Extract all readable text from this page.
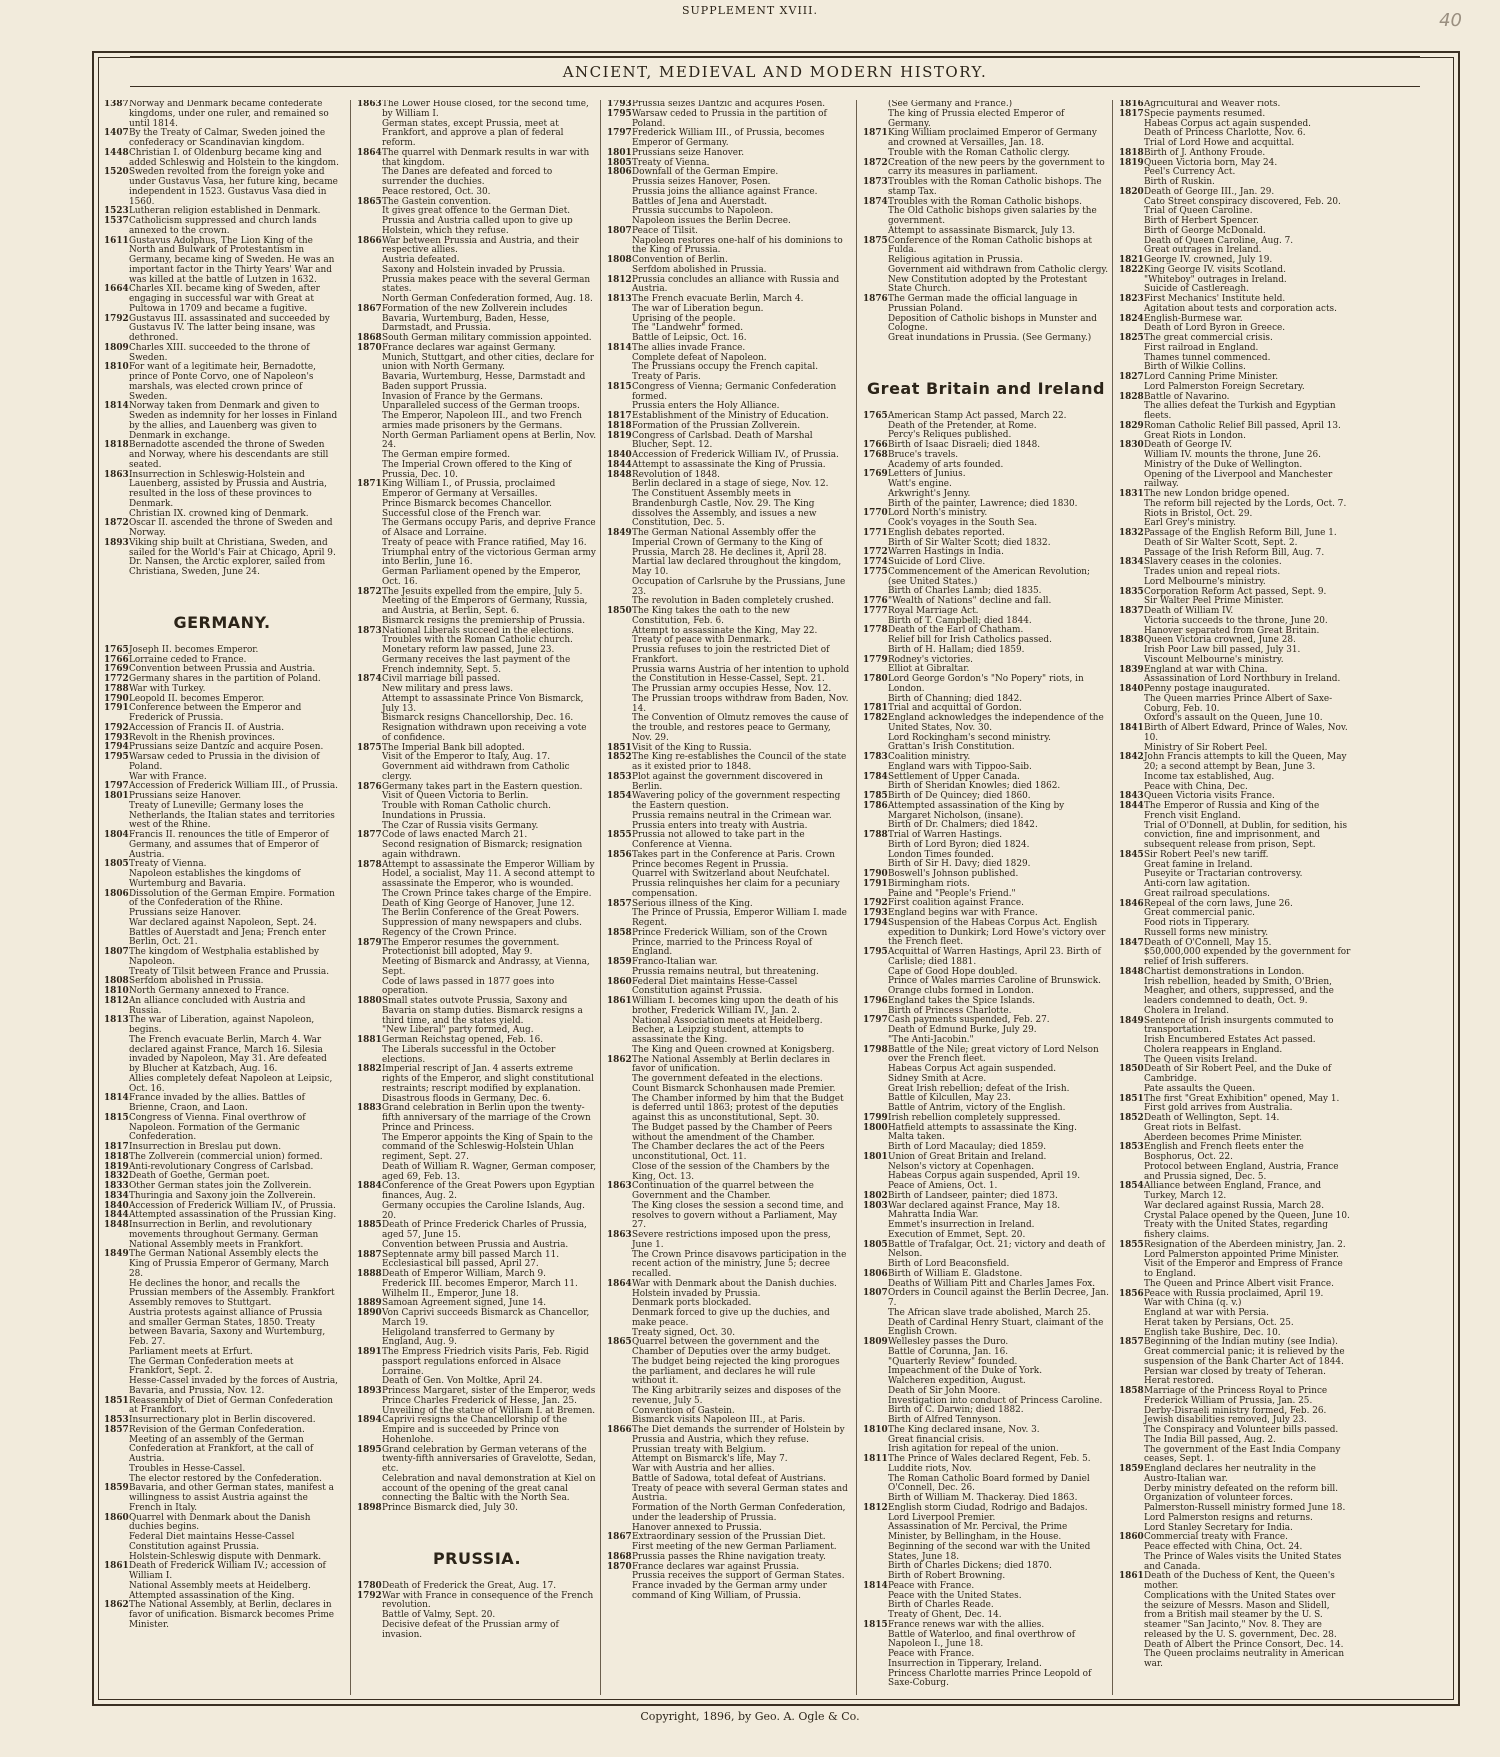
SUPPLEMENT XVIII.	40
ANCIENT, MEDIEVAL AND MODERN HISTORY.
1387 Norway and Denmark became confederate kingdoms, under one ruler, and remained so until 1814.
1407 By the Treaty of Calmar, Sweden joined the confederacy or Scandinavian kingdom.
1448 Christian I. of Oldenburg became king and added Schleswig and Holstein to the kingdom.
1520 Sweden revolted from the foreign yoke and under Gustavus Vasa, her future king, became independent in 1523. Gustavus Vasa died in 1560.
1523 Lutheran religion established in Denmark.
1537 Catholicism suppressed and church lands annexed to the crown.
1611 Gustavus Adolphus, The Lion King of the North and Bulwark of Protestantism in Germany, became king of Sweden. He was an important factor in the Thirty Years' War and was killed at the battle of Lutzen in 1632.
1664 Charles XII. became king of Sweden, after engaging in successful war with Great at Pultowa in 1709 and became a fugitive.
1792 Gustavus III. assassinated and succeeded by Gustavus IV. The latter being insane, was dethroned.
1809 Charles XIII. succeeded to the throne of Sweden.
1810 For want of a legitimate heir, Bernadotte, prince of Ponte Corvo, one of Napoleon's marshals, was elected crown prince of Sweden.
1814 Norway taken from Denmark and given to Sweden as indemnity for her losses in Finland by the allies, and Lauenberg was given to Denmark in exchange.
1818 Bernadotte ascended the throne of Sweden and Norway, where his descendants are still seated.
1863 Insurrection in Schleswig-Holstein and Lauenberg, assisted by Prussia and Austria, resulted in the loss of these provinces to Denmark.
Christian IX. crowned king of Denmark.
1872 Oscar II. ascended the throne of Sweden and Norway.
1893 Viking ship built at Christiana, Sweden, and sailed for the World's Fair at Chicago, April 9. Dr. Nansen, the Arctic explorer, sailed from Christiana, Sweden, June 24.
GERMANY.
1765 Joseph II. becomes Emperor.
1766 Lorraine ceded to France.
1769 Convention between Prussia and Austria.
1772 Germany shares in the partition of Poland.
1788 War with Turkey.
1790 Leopold II. becomes Emperor.
1791 Conference between the Emperor and Frederick of Prussia.
1792 Accession of Francis II. of Austria.
1793 Revolt in the Rhenish provinces.
1794 Prussians seize Dantzic and acquire Posen.
1795 Warsaw ceded to Prussia in the division of Poland.
War with France.
1797 Accession of Frederick William III., of Prussia.
1801 Prussians seize Hanover.
Treaty of Luneville; Germany loses the Netherlands, the Italian states and territories west of the Rhine.
1804 Francis II. renounces the title of Emperor of Germany, and assumes that of Emperor of Austria.
1805 Treaty of Vienna.
Napoleon establishes the kingdoms of Wurtemburg and Bavaria.
1806 Dissolution of the German Empire. Formation of the Confederation of the Rhine.
Prussians seize Hanover.
War declared against Napoleon, Sept. 24. Battles of Auerstadt and Jena; French enter Berlin, Oct. 21.
1807 The kingdom of Westphalia established by Napoleon.
Treaty of Tilsit between France and Prussia.
1808 Serfdom abolished in Prussia.
1810 North Germany annexed to France.
1812 An alliance concluded with Austria and Russia.
1813 The war of Liberation, against Napoleon, begins.
The French evacuate Berlin, March 4. War declared against France, March 16. Silesia invaded by Napoleon, May 31. Are defeated by Blucher at Katzbach, Aug. 16.
Allies completely defeat Napoleon at Leipsic, Oct. 16.
1814 France invaded by the allies. Battles of Brienne, Craon, and Laon.
1815 Congress of Vienna. Final overthrow of Napoleon. Formation of the Germanic Confederation.
1817 Insurrection in Breslau put down.
1818 The Zollverein (commercial union) formed.
1819 Anti-revolutionary Congress of Carlsbad.
1832 Death of Goethe, German poet.
1833 Other German states join the Zollverein.
1834 Thuringia and Saxony join the Zollverein.
1840 Accession of Frederick William IV., of Prussia.
1844 Attempted assassination of the Prussian King.
1848 Insurrection in Berlin, and revolutionary movements throughout Germany. German National Assembly meets in Frankfort.
1849 The German National Assembly elects the King of Prussia Emperor of Germany, March 28.
He declines the honor, and recalls the Prussian members of the Assembly. Frankfort Assembly removes to Stuttgart.
Austria protests against alliance of Prussia and smaller German States, 1850. Treaty between Bavaria, Saxony and Wurtemburg, Feb. 27.
Parliament meets at Erfurt.
The German Confederation meets at Frankfort, Sept. 2.
Hesse-Cassel invaded by the forces of Austria, Bavaria, and Prussia, Nov. 12.
1851 Reassembly of Diet of German Confederation at Frankfort.
1853 Insurrectionary plot in Berlin discovered.
1857 Revision of the German Confederation. Meeting of an assembly of the German Confederation at Frankfort, at the call of Austria.
Troubles in Hesse-Cassel.
The elector restored by the Confederation.
1859 Bavaria, and other German states, manifest a willingness to assist Austria against the French in Italy.
1860 Quarrel with Denmark about the Danish duchies begins.
Federal Diet maintains Hesse-Cassel Constitution against Prussia.
Holstein-Schleswig dispute with Denmark.
1861 Death of Frederick William IV.; accession of William I.
National Assembly meets at Heidelberg. Attempted assassination of the King.
1862 The National Assembly, at Berlin, declares in favor of unification. Bismarck becomes Prime Minister.
1863 The Lower House closed, for the second time, by William I.
German states, except Prussia, meet at Frankfort, and approve a plan of federal reform.
1864 The quarrel with Denmark results in war with that kingdom.
The Danes are defeated and forced to surrender the duchies.
Peace restored, Oct. 30.
1865 The Gastein convention.
It gives great offence to the German Diet.
Prussia and Austria called upon to give up Holstein, which they refuse.
1866 War between Prussia and Austria, and their respective allies.
Austria defeated.
Saxony and Holstein invaded by Prussia.
Prussia makes peace with the several German states.
North German Confederation formed, Aug. 18.
1867 Formation of the new Zollverein includes Bavaria, Wurtemburg, Baden, Hesse, Darmstadt, and Prussia.
1868 South German military commission appointed.
1870 France declares war against Germany.
Munich, Stuttgart, and other cities, declare for union with North Germany.
Bavaria, Wurtemburg, Hesse, Darmstadt and Baden support Prussia.
Invasion of France by the Germans. Unparalleled success of the German troops.
The Emperor, Napoleon III., and two French armies made prisoners by the Germans.
North German Parliament opens at Berlin, Nov. 24.
The German empire formed.
The Imperial Crown offered to the King of Prussia, Dec. 10.
1871 King William I., of Prussia, proclaimed Emperor of Germany at Versailles.
Prince Bismarck becomes Chancellor.
Successful close of the French war.
The Germans occupy Paris, and deprive France of Alsace and Lorraine.
Treaty of peace with France ratified, May 16.
Triumphal entry of the victorious German army into Berlin, June 16.
German Parliament opened by the Emperor, Oct. 16.
1872 The Jesuits expelled from the empire, July 5.
Meeting of the Emperors of Germany, Russia, and Austria, at Berlin, Sept. 6.
Bismarck resigns the premiership of Prussia.
1873 National Liberals succeed in the elections.
Troubles with the Roman Catholic church.
Monetary reform law passed, June 23.
Germany receives the last payment of the French indemnity, Sept. 5.
1874 Civil marriage bill passed.
New military and press laws.
Attempt to assassinate Prince Von Bismarck, July 13.
Bismarck resigns Chancellorship, Dec. 16. Resignation withdrawn upon receiving a vote of confidence.
1875 The Imperial Bank bill adopted.
Visit of the Emperor to Italy, Aug. 17.
Government aid withdrawn from Catholic clergy.
1876 Germany takes part in the Eastern question.
Visit of Queen Victoria to Berlin.
Trouble with Roman Catholic church.
Inundations in Prussia.
The Czar of Russia visits Germany.
1877 Code of laws enacted March 21.
Second resignation of Bismarck; resignation again withdrawn.
1878 Attempt to assassinate the Emperor William by Hodel, a socialist, May 11. A second attempt to assassinate the Emperor, who is wounded.
The Crown Prince takes charge of the Empire.
Death of King George of Hanover, June 12.
The Berlin Conference of the Great Powers.
Suppression of many newspapers and clubs.
Regency of the Crown Prince.
1879 The Emperor resumes the government.
Protectionist bill adopted, May 9.
Meeting of Bismarck and Andrassy, at Vienna, Sept.
Code of laws passed in 1877 goes into operation.
1880 Small states outvote Prussia, Saxony and Bavaria on stamp duties. Bismarck resigns a third time, and the states yield.
"New Liberal" party formed, Aug.
1881 German Reichstag opened, Feb. 16.
The Liberals successful in the October elections.
1882 Imperial rescript of Jan. 4 asserts extreme rights of the Emperor, and slight constitutional restraints; rescript modified by explanation.
Disastrous floods in Germany, Dec. 6.
1883 Grand celebration in Berlin upon the twenty-fifth anniversary of the marriage of the Crown Prince and Princess.
The Emperor appoints the King of Spain to the command of the Schleswig-Holstein Uhlan regiment, Sept. 27.
Death of William R. Wagner, German composer, aged 69, Feb. 13.
1884 Conference of the Great Powers upon Egyptian finances, Aug. 2.
Germany occupies the Caroline Islands, Aug. 20.
1885 Death of Prince Frederick Charles of Prussia, aged 57, June 15.
Convention between Prussia and Austria.
1887 Septennate army bill passed March 11.
Ecclesiastical bill passed, April 27.
1888 Death of Emperor William, March 9.
Frederick III. becomes Emperor, March 11.
Wilhelm II., Emperor, June 18.
1889 Samoan Agreement signed, June 14.
1890 Von Caprivi succeeds Bismarck as Chancellor, March 19.
Heligoland transferred to Germany by England, Aug. 9.
1891 The Empress Friedrich visits Paris, Feb. Rigid passport regulations enforced in Alsace Lorraine.
Death of Gen. Von Moltke, April 24.
1893 Princess Margaret, sister of the Emperor, weds Prince Charles Frederick of Hesse, Jan. 25.
Unveiling of the statue of William I. at Bremen.
1894 Caprivi resigns the Chancellorship of the Empire and is succeeded by Prince von Hohenlohe.
1895 Grand celebration by German veterans of the twenty-fifth anniversaries of Gravelotte, Sedan, etc.
Celebration and naval demonstration at Kiel on account of the opening of the great canal connecting the Baltic with the North Sea.
1898 Prince Bismarck died, July 30.
PRUSSIA.
1780 Death of Frederick the Great, Aug. 17.
1792 War with France in consequence of the French revolution.
Battle of Valmy, Sept. 20.
Decisive defeat of the Prussian army of invasion.
1793 Prussia seizes Dantzic and acquires Posen.
1795 Warsaw ceded to Prussia in the partition of Poland.
1797 Frederick William III., of Prussia, becomes Emperor of Germany.
1801 Prussians seize Hanover.
1805 Treaty of Vienna.
1806 Downfall of the German Empire.
Prussia seizes Hanover, Posen.
Prussia joins the alliance against France. Battles of Jena and Auerstadt.
Prussia succumbs to Napoleon.
Napoleon issues the Berlin Decree.
1807 Peace of Tilsit.
Napoleon restores one-half of his dominions to the King of Prussia.
1808 Convention of Berlin.
Serfdom abolished in Prussia.
1812 Prussia concludes an alliance with Russia and Austria.
1813 The French evacuate Berlin, March 4.
The war of Liberation begun.
Uprising of the people.
The "Landwehr" formed.
Battle of Leipsic, Oct. 16.
1814 The allies invade France.
Complete defeat of Napoleon.
The Prussians occupy the French capital.
Treaty of Paris.
1815 Congress of Vienna; Germanic Confederation formed.
Prussia enters the Holy Alliance.
1817 Establishment of the Ministry of Education.
1818 Formation of the Prussian Zollverein.
1819 Congress of Carlsbad. Death of Marshal Blucher, Sept. 12.
1840 Accession of Frederick William IV., of Prussia.
1844 Attempt to assassinate the King of Prussia.
1848 Revolution of 1848.
Berlin declared in a stage of siege, Nov. 12.
The Constituent Assembly meets in Brandenburgh Castle, Nov. 29. The King dissolves the Assembly, and issues a new Constitution, Dec. 5.
1849 The German National Assembly offer the Imperial Crown of Germany to the King of Prussia, March 28. He declines it, April 28.
Martial law declared throughout the kingdom, May 10.
Occupation of Carlsruhe by the Prussians, June 23.
The revolution in Baden completely crushed.
1850 The King takes the oath to the new Constitution, Feb. 6.
Attempt to assassinate the King, May 22.
Treaty of peace with Denmark.
Prussia refuses to join the restricted Diet of Frankfort.
Prussia warns Austria of her intention to uphold the Constitution in Hesse-Cassel, Sept. 21.
The Prussian army occupies Hesse, Nov. 12.
The Prussian troops withdraw from Baden, Nov. 14.
The Convention of Olmutz removes the cause of the trouble, and restores peace to Germany, Nov. 29.
1851 Visit of the King to Russia.
1852 The King re-establishes the Council of the state as it existed prior to 1848.
1853 Plot against the government discovered in Berlin.
1854 Wavering policy of the government respecting the Eastern question.
Prussia remains neutral in the Crimean war.
Prussia enters into treaty with Austria.
1855 Prussia not allowed to take part in the Conference at Vienna.
1856 Takes part in the Conference at Paris. Crown Prince becomes Regent in Prussia.
Quarrel with Switzerland about Neufchatel.
Prussia relinquishes her claim for a pecuniary compensation.
1857 Serious illness of the King.
The Prince of Prussia, Emperor William I. made Regent.
1858 Prince Frederick William, son of the Crown Prince, married to the Princess Royal of England.
1859 Franco-Italian war.
Prussia remains neutral, but threatening.
1860 Federal Diet maintains Hesse-Cassel Constitution against Prussia.
1861 William I. becomes king upon the death of his brother, Frederick William IV., Jan. 2.
National Association meets at Heidelberg.
Becher, a Leipzig student, attempts to assassinate the King.
The King and Queen crowned at Konigsberg.
1862 The National Assembly at Berlin declares in favor of unification.
The government defeated in the elections.
Count Bismarck Schonhausen made Premier. The Chamber informed by him that the Budget is deferred until 1863; protest of the deputies against this as unconstitutional, Sept. 30.
The Budget passed by the Chamber of Peers without the amendment of the Chamber.
The Chamber declares the act of the Peers unconstitutional, Oct. 11.
Close of the session of the Chambers by the King, Oct. 13.
1863 Continuation of the quarrel between the Government and the Chamber.
The King closes the session a second time, and resolves to govern without a Parliament, May 27.
1863 Severe restrictions imposed upon the press, June 1.
The Crown Prince disavows participation in the recent action of the ministry, June 5; decree recalled.
1864 War with Denmark about the Danish duchies.
Holstein invaded by Prussia.
Denmark ports blockaded.
Denmark forced to give up the duchies, and make peace.
Treaty signed, Oct. 30.
1865 Quarrel between the government and the Chamber of Deputies over the army budget.
The budget being rejected the king prorogues the parliament, and declares he will rule without it.
The King arbitrarily seizes and disposes of the revenue, July 5.
Convention of Gastein.
Bismarck visits Napoleon III., at Paris.
1866 The Diet demands the surrender of Holstein by Prussia and Austria, which they refuse.
Prussian treaty with Belgium.
Attempt on Bismarck's life, May 7.
War with Austria and her allies.
Battle of Sadowa, total defeat of Austrians.
Treaty of peace with several German states and Austria.
Formation of the North German Confederation, under the leadership of Prussia.
Hanover annexed to Prussia.
1867 Extraordinary session of the Prussian Diet.
First meeting of the new German Parliament.
1868 Prussia passes the Rhine navigation treaty.
1870 France declares war against Prussia.
Prussia receives the support of German States.
France invaded by the German army under command of King William, of Prussia.
(See Germany and France.)
The king of Prussia elected Emperor of Germany.
1871 King William proclaimed Emperor of Germany and crowned at Versailles, Jan. 18.
Trouble with the Roman Catholic clergy.
1872 Creation of the new peers by the government to carry its measures in parliament.
1873 Troubles with the Roman Catholic bishops. The stamp Tax.
1874 Troubles with the Roman Catholic bishops.
The Old Catholic bishops given salaries by the government.
Attempt to assassinate Bismarck, July 13.
1875 Conference of the Roman Catholic bishops at Fulda.
Religious agitation in Prussia.
Government aid withdrawn from Catholic clergy.
New Constitution adopted by the Protestant State Church.
1876 The German made the official language in Prussian Poland.
Deposition of Catholic bishops in Munster and Cologne.
Great inundations in Prussia. (See Germany.)
Great Britain and Ireland
1765 American Stamp Act passed, March 22.
Death of the Pretender, at Rome.
Percy's Reliques published.
1766 Birth of Isaac Disraeli; died 1848.
1768 Bruce's travels.
Academy of arts founded.
1769 Letters of Junius.
Watt's engine.
Arkwright's Jenny.
Birth of the painter, Lawrence; died 1830.
1770 Lord North's ministry.
Cook's voyages in the South Sea.
1771 English debates reported.
Birth of Sir Walter Scott; died 1832.
1772 Warren Hastings in India.
1774 Suicide of Lord Clive.
1775 Commencement of the American Revolution; (see United States.)
Birth of Charles Lamb; died 1835.
1776 "Wealth of Nations" decline and fall.
1777 Royal Marriage Act.
Birth of T. Campbell; died 1844.
1778 Death of the Earl of Chatham.
Relief bill for Irish Catholics passed.
Birth of H. Hallam; died 1859.
1779 Rodney's victories.
Elliot at Gibraltar.
1780 Lord George Gordon's "No Popery" riots, in London.
Birth of Channing; died 1842.
1781 Trial and acquittal of Gordon.
1782 England acknowledges the independence of the United States, Nov. 30.
Lord Rockingham's second ministry.
Grattan's Irish Constitution.
1783 Coalition ministry.
England wars with Tippoo-Saib.
1784 Settlement of Upper Canada.
Birth of Sheridan Knowles; died 1862.
1785 Birth of De Quincey; died 1860.
1786 Attempted assassination of the King by Margaret Nicholson, (insane).
Birth of Dr. Chalmers; died 1842.
1788 Trial of Warren Hastings.
Birth of Lord Byron; died 1824.
London Times founded.
Birth of Sir H. Davy; died 1829.
1790 Boswell's Johnson published.
1791 Birmingham riots.
Paine and "People's Friend."
1792 First coalition against France.
1793 England begins war with France.
1794 Suspension of the Habeas Corpus Act. English expedition to Dunkirk; Lord Howe's victory over the French fleet.
1795 Acquittal of Warren Hastings, April 23. Birth of Carlisle; died 1881.
Cape of Good Hope doubled.
Prince of Wales marries Caroline of Brunswick.
Orange clubs formed in London.
1796 England takes the Spice Islands.
Birth of Princess Charlotte.
1797 Cash payments suspended, Feb. 27.
Death of Edmund Burke, July 29.
"The Anti-Jacobin."
1798 Battle of the Nile; great victory of Lord Nelson over the French fleet.
Habeas Corpus Act again suspended.
Sidney Smith at Acre.
Great Irish rebellion; defeat of the Irish.
Battle of Kilcullen, May 23.
Battle of Antrim, victory of the English.
1799 Irish rebellion completely suppressed.
1800 Hatfield attempts to assassinate the King.
Malta taken.
Birth of Lord Macaulay; died 1859.
1801 Union of Great Britain and Ireland.
Nelson's victory at Copenhagen.
Habeas Corpus again suspended, April 19.
Peace of Amiens, Oct. 1.
1802 Birth of Landseer, painter; died 1873.
1803 War declared against France, May 18.
Mahratta India War.
Emmet's insurrection in Ireland.
Execution of Emmet, Sept. 20.
1805 Battle of Trafalgar, Oct. 21; victory and death of Nelson.
Birth of Lord Beaconsfield.
1806 Birth of William E. Gladstone.
Deaths of William Pitt and Charles James Fox.
1807 Orders in Council against the Berlin Decree, Jan. 7.
The African slave trade abolished, March 25.
Death of Cardinal Henry Stuart, claimant of the English Crown.
1809 Wellesley passes the Duro.
Battle of Corunna, Jan. 16.
"Quarterly Review" founded.
Impeachment of the Duke of York.
Walcheren expedition, August.
Death of Sir John Moore.
Investigation into conduct of Princess Caroline.
Birth of C. Darwin; died 1882.
Birth of Alfred Tennyson.
1810 The King declared insane, Nov. 3.
Great financial crisis.
Irish agitation for repeal of the union.
1811 The Prince of Wales declared Regent, Feb. 5.
Luddite riots, Nov.
The Roman Catholic Board formed by Daniel O'Connell, Dec. 26.
Birth of William M. Thackeray. Died 1863.
1812 English storm Ciudad, Rodrigo and Badajos.
Lord Liverpool Premier.
Assassination of Mr. Percival, the Prime Minister, by Bellingham, in the House. Beginning of the second war with the United States, June 18.
Birth of Charles Dickens; died 1870.
Birth of Robert Browning.
1814 Peace with France.
Peace with the United States.
Birth of Charles Reade.
Treaty of Ghent, Dec. 14.
1815 France renews war with the allies.
Battle of Waterloo, and final overthrow of Napoleon I., June 18.
Peace with France.
Insurrection in Tipperary, Ireland.
Princess Charlotte marries Prince Leopold of Saxe-Coburg.
1816 Agricultural and Weaver riots.
1817 Specie payments resumed.
Habeas Corpus act again suspended.
Death of Princess Charlotte, Nov. 6.
Trial of Lord Howe and acquittal.
1818 Birth of J. Anthony Froude.
1819 Queen Victoria born, May 24.
Peel's Currency Act.
Birth of Ruskin.
1820 Death of George III., Jan. 29.
Cato Street conspiracy discovered, Feb. 20.
Trial of Queen Caroline.
Birth of Herbert Spencer.
Birth of George McDonald.
Death of Queen Caroline, Aug. 7.
Great outrages in Ireland.
1821 George IV. crowned, July 19.
1822 King George IV. visits Scotland.
"Whiteboy" outrages in Ireland.
Suicide of Castlereagh.
1823 First Mechanics' Institute held.
Agitation about tests and corporation acts.
1824 English-Burmese war.
Death of Lord Byron in Greece.
1825 The great commercial crisis.
First railroad in England.
Thames tunnel commenced.
Birth of Wilkie Collins.
1827 Lord Canning Prime Minister.
Lord Palmerston Foreign Secretary.
1828 Battle of Navarino.
The allies defeat the Turkish and Egyptian fleets.
1829 Roman Catholic Relief Bill passed, April 13.
Great Riots in London.
1830 Death of George IV.
William IV. mounts the throne, June 26.
Ministry of the Duke of Wellington.
Opening of the Liverpool and Manchester railway.
1831 The new London bridge opened.
The reform bill rejected by the Lords, Oct. 7.
Riots in Bristol, Oct. 29.
Earl Grey's ministry.
1832 Passage of the English Reform Bill, June 1.
Death of Sir Walter Scott, Sept. 2.
Passage of the Irish Reform Bill, Aug. 7.
1834 Slavery ceases in the colonies.
Trades union and repeal riots.
Lord Melbourne's ministry.
1835 Corporation Reform Act passed, Sept. 9.
Sir Walter Peel Prime Minister.
1837 Death of William IV.
Victoria succeeds to the throne, June 20.
Hanover separated from Great Britain.
1838 Queen Victoria crowned, June 28.
Irish Poor Law bill passed, July 31.
Viscount Melbourne's ministry.
1839 England at war with China.
Assassination of Lord Northbury in Ireland.
1840 Penny postage inaugurated.
The Queen marries Prince Albert of Saxe-Coburg, Feb. 10.
Oxford's assault on the Queen, June 10.
1841 Birth of Albert Edward, Prince of Wales, Nov. 10.
Ministry of Sir Robert Peel.
1842 John Francis attempts to kill the Queen, May 20; a second attempt by Bean, June 3.
Income tax established, Aug.
Peace with China, Dec.
1843 Queen Victoria visits France.
1844 The Emperor of Russia and King of the French visit England.
Trial of O'Donnell, at Dublin, for sedition, his conviction, fine and imprisonment, and subsequent release from prison, Sept.
1845 Sir Robert Peel's new tariff.
Great famine in Ireland.
Puseyite or Tractarian controversy.
Anti-corn law agitation.
Great railroad speculations.
1846 Repeal of the corn laws, June 26.
Great commercial panic.
Food riots in Tipperary.
Russell forms new ministry.
1847 Death of O'Connell, May 15.
$50,000,000 expended by the government for relief of Irish sufferers.
1848 Chartist demonstrations in London.
Irish rebellion, headed by Smith, O'Brien, Meagher, and others, suppressed, and the leaders condemned to death, Oct. 9.
Cholera in Ireland.
1849 Sentence of Irish insurgents commuted to transportation.
Irish Encumbered Estates Act passed.
Cholera reappears in England.
The Queen visits Ireland.
1850 Death of Sir Robert Peel, and the Duke of Cambridge.
Pate assaults the Queen.
1851 The first "Great Exhibition" opened, May 1.
First gold arrives from Australia.
1852 Death of Wellington, Sept. 14.
Great riots in Belfast.
Aberdeen becomes Prime Minister.
1853 English and French fleets enter the Bosphorus, Oct. 22.
Protocol between England, Austria, France and Prussia signed, Dec. 5.
1854 Alliance between England, France, and Turkey, March 12.
War declared against Russia, March 28.
Crystal Palace opened by the Queen, June 10.
Treaty with the United States, regarding fishery claims.
1855 Resignation of the Aberdeen ministry, Jan. 2.
Lord Palmerston appointed Prime Minister.
Visit of the Emperor and Empress of France to England.
The Queen and Prince Albert visit France.
1856 Peace with Russia proclaimed, April 19.
War with China (q. v.)
England at war with Persia.
Herat taken by Persians, Oct. 25.
English take Bushire, Dec. 10.
1857 Beginning of the Indian mutiny (see India).
Great commercial panic; it is relieved by the suspension of the Bank Charter Act of 1844.
Persian war closed by treaty of Teheran. Herat restored.
1858 Marriage of the Princess Royal to Prince Frederick William of Prussia, Jan. 25.
Derby-Disraeli ministry formed, Feb. 26.
Jewish disabilities removed, July 23.
The Conspiracy and Volunteer bills passed.
The India Bill passed, Aug. 2.
The government of the East India Company ceases, Sept. 1.
1859 England declares her neutrality in the Austro-Italian war.
Derby ministry defeated on the reform bill.
Organization of volunteer forces.
Palmerston-Russell ministry formed June 18.
Lord Palmerston resigns and returns.
Lord Stanley Secretary for India.
1860 Commercial treaty with France.
Peace effected with China, Oct. 24.
The Prince of Wales visits the United States and Canada.
1861 Death of the Duchess of Kent, the Queen's mother.
Complications with the United States over the seizure of Messrs. Mason and Slidell, from a British mail steamer by the U. S. steamer "San Jacinto," Nov. 8. They are released by the U. S. government, Dec. 28.
Death of Albert the Prince Consort, Dec. 14.
The Queen proclaims neutrality in American war.
Copyright, 1896, by Geo. A. Ogle & Co.
